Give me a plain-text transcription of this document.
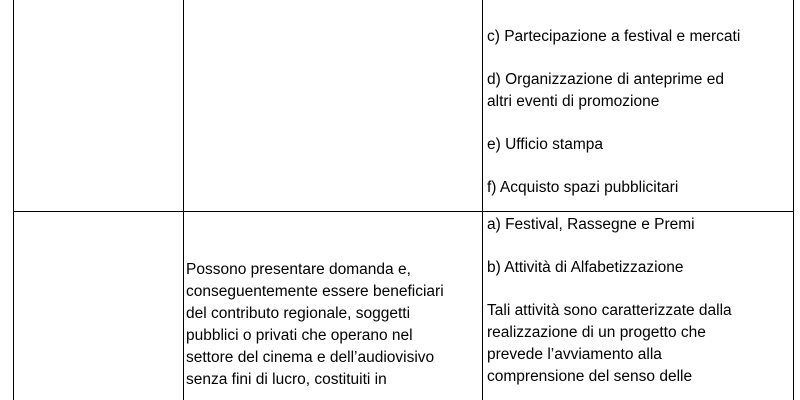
c) Partecipazione a festival e mercati

d) Organizzazione di anteprime ed

altri eventi di promozione

e) Ufficio stampa

f) Acquisto spazi pubblicitari

Possono presentare domanda e,

conseguentemente essere beneficiari

del contributo regionale, soggetti

pubblici o privati che operano nel

settore del cinema e dell’audiovisivo

senza fini di lucro, costituiti in

a) Festival, Rassegne e Premi

b) Attività di Alfabetizzazione

Tali attività sono caratterizzate dalla

realizzazione di un progetto che

prevede l’avviamento alla

comprensione del senso delle
